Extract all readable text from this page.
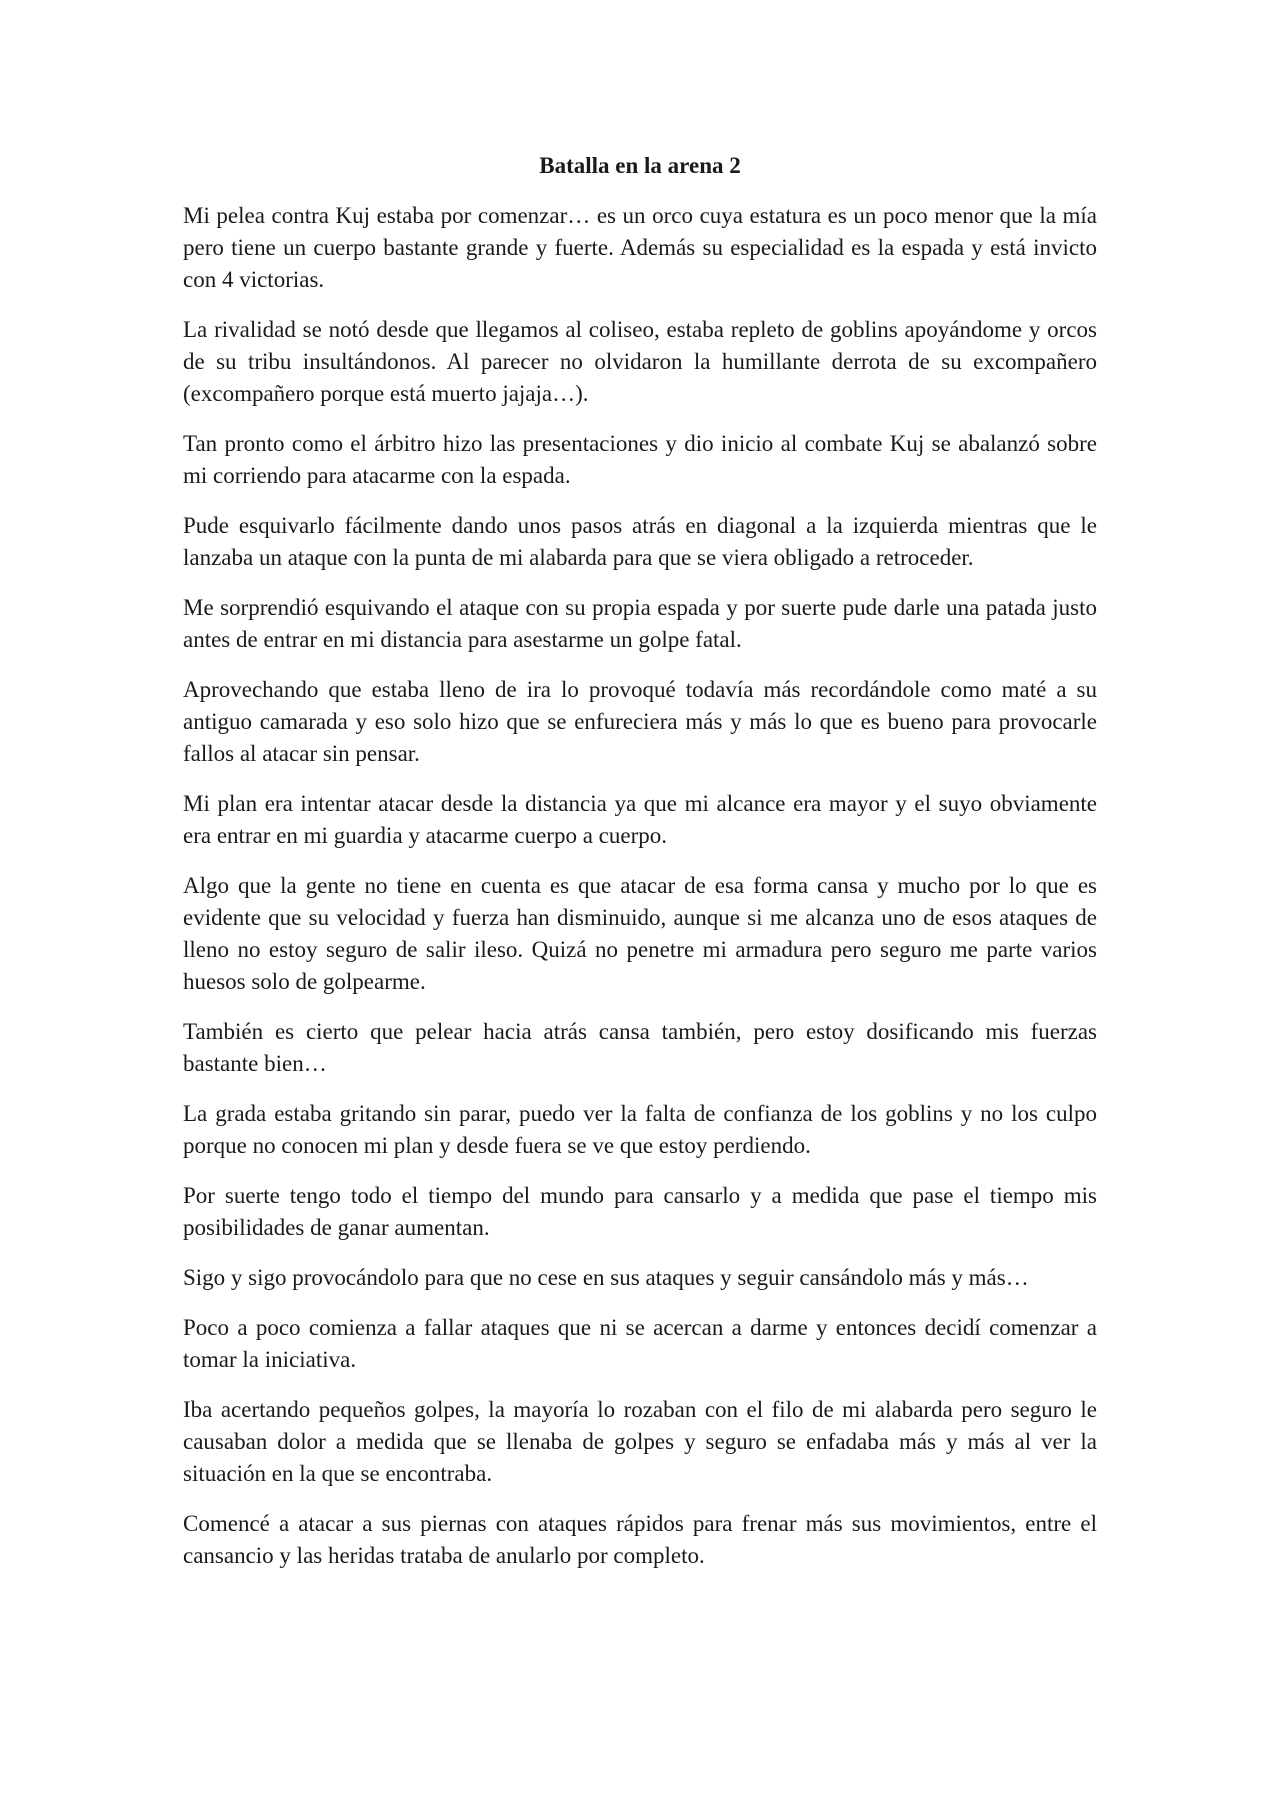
Batalla en la arena 2

Mi pelea contra Kuj estaba por comenzar… es un orco cuya estatura es un poco menor que la mía pero tiene un cuerpo bastante grande y fuerte. Además su especialidad es la espada y está invicto con 4 victorias.

La rivalidad se notó desde que llegamos al coliseo, estaba repleto de goblins apoyándome y orcos de su tribu insultándonos. Al parecer no olvidaron la humillante derrota de su excompañero (excompañero porque está muerto jajaja…).

Tan pronto como el árbitro hizo las presentaciones y dio inicio al combate Kuj se abalanzó sobre mi corriendo para atacarme con la espada.

Pude esquivarlo fácilmente dando unos pasos atrás en diagonal a la izquierda mientras que le lanzaba un ataque con la punta de mi alabarda para que se viera obligado a retroceder.

Me sorprendió esquivando el ataque con su propia espada y por suerte pude darle una patada justo antes de entrar en mi distancia para asestarme un golpe fatal.

Aprovechando que estaba lleno de ira lo provoqué todavía más recordándole como maté a su antiguo camarada y eso solo hizo que se enfureciera más y más lo que es bueno para provocarle fallos al atacar sin pensar.

Mi plan era intentar atacar desde la distancia ya que mi alcance era mayor y el suyo obviamente era entrar en mi guardia y atacarme cuerpo a cuerpo.

Algo que la gente no tiene en cuenta es que atacar de esa forma cansa y mucho por lo que es evidente que su velocidad y fuerza han disminuido, aunque si me alcanza uno de esos ataques de lleno no estoy seguro de salir ileso. Quizá no penetre mi armadura pero seguro me parte varios huesos solo de golpearme.

También es cierto que pelear hacia atrás cansa también, pero estoy dosificando mis fuerzas bastante bien…

La grada estaba gritando sin parar, puedo ver la falta de confianza de los goblins y no los culpo porque no conocen mi plan y desde fuera se ve que estoy perdiendo.

Por suerte tengo todo el tiempo del mundo para cansarlo y a medida que pase el tiempo mis posibilidades de ganar aumentan.

Sigo y sigo provocándolo para que no cese en sus ataques y seguir cansándolo más y más…

Poco a poco comienza a fallar ataques que ni se acercan a darme y entonces decidí comenzar a tomar la iniciativa.

Iba acertando pequeños golpes, la mayoría lo rozaban con el filo de mi alabarda pero seguro le causaban dolor a medida que se llenaba de golpes y seguro se enfadaba más y más al ver la situación en la que se encontraba.

Comencé a atacar a sus piernas con ataques rápidos para frenar más sus movimientos, entre el cansancio y las heridas trataba de anularlo por completo.
